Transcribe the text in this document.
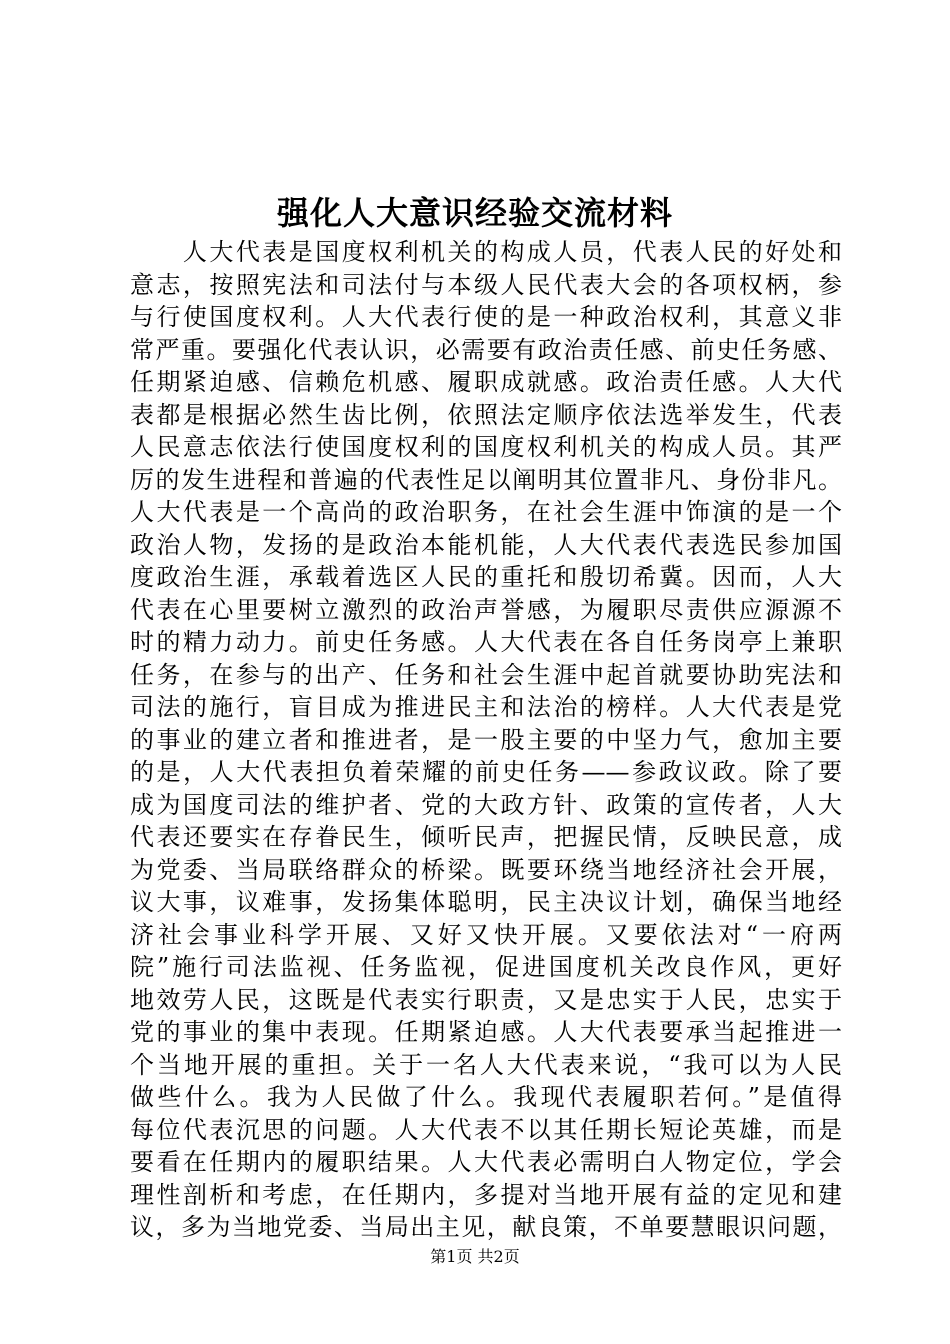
强化人大意识经验交流材料
　　人大代表是国度权利机关的构成人员，代表人民的好处和
意志，按照宪法和司法付与本级人民代表大会的各项权柄，参
与行使国度权利。人大代表行使的是一种政治权利，其意义非
常严重。要强化代表认识，必需要有政治责任感、前史任务感、
任期紧迫感、信赖危机感、履职成就感。政治责任感。人大代
表都是根据必然生齿比例，依照法定顺序依法选举发生，代表
人民意志依法行使国度权利的国度权利机关的构成人员。其严
厉的发生进程和普遍的代表性足以阐明其位置非凡、身份非凡。
人大代表是一个高尚的政治职务，在社会生涯中饰演的是一个
政治人物，发扬的是政治本能机能，人大代表代表选民参加国
度政治生涯，承载着选区人民的重托和殷切希冀。因而，人大
代表在心里要树立激烈的政治声誉感，为履职尽责供应源源不
时的精力动力。前史任务感。人大代表在各自任务岗亭上兼职
任务，在参与的出产、任务和社会生涯中起首就要协助宪法和
司法的施行，盲目成为推进民主和法治的榜样。人大代表是党
的事业的建立者和推进者，是一股主要的中坚力气，愈加主要
的是，人大代表担负着荣耀的前史任务——参政议政。除了要
成为国度司法的维护者、党的大政方针、政策的宣传者，人大
代表还要实在存眷民生，倾听民声，把握民情，反映民意，成
为党委、当局联络群众的桥梁。既要环绕当地经济社会开展，
议大事，议难事，发扬集体聪明，民主决议计划，确保当地经
济社会事业科学开展、又好又快开展。又要依法对“一府两
院”施行司法监视、任务监视，促进国度机关改良作风，更好
地效劳人民，这既是代表实行职责，又是忠实于人民，忠实于
党的事业的集中表现。任期紧迫感。人大代表要承当起推进一
个当地开展的重担。关于一名人大代表来说，“我可以为人民
做些什么。我为人民做了什么。我现代表履职若何。”是值得
每位代表沉思的问题。人大代表不以其任期长短论英雄，而是
要看在任期内的履职结果。人大代表必需明白人物定位，学会
理性剖析和考虑，在任期内，多提对当地开展有益的定见和建
议，多为当地党委、当局出主见，献良策，不单要慧眼识问题，
第1页 共2页
